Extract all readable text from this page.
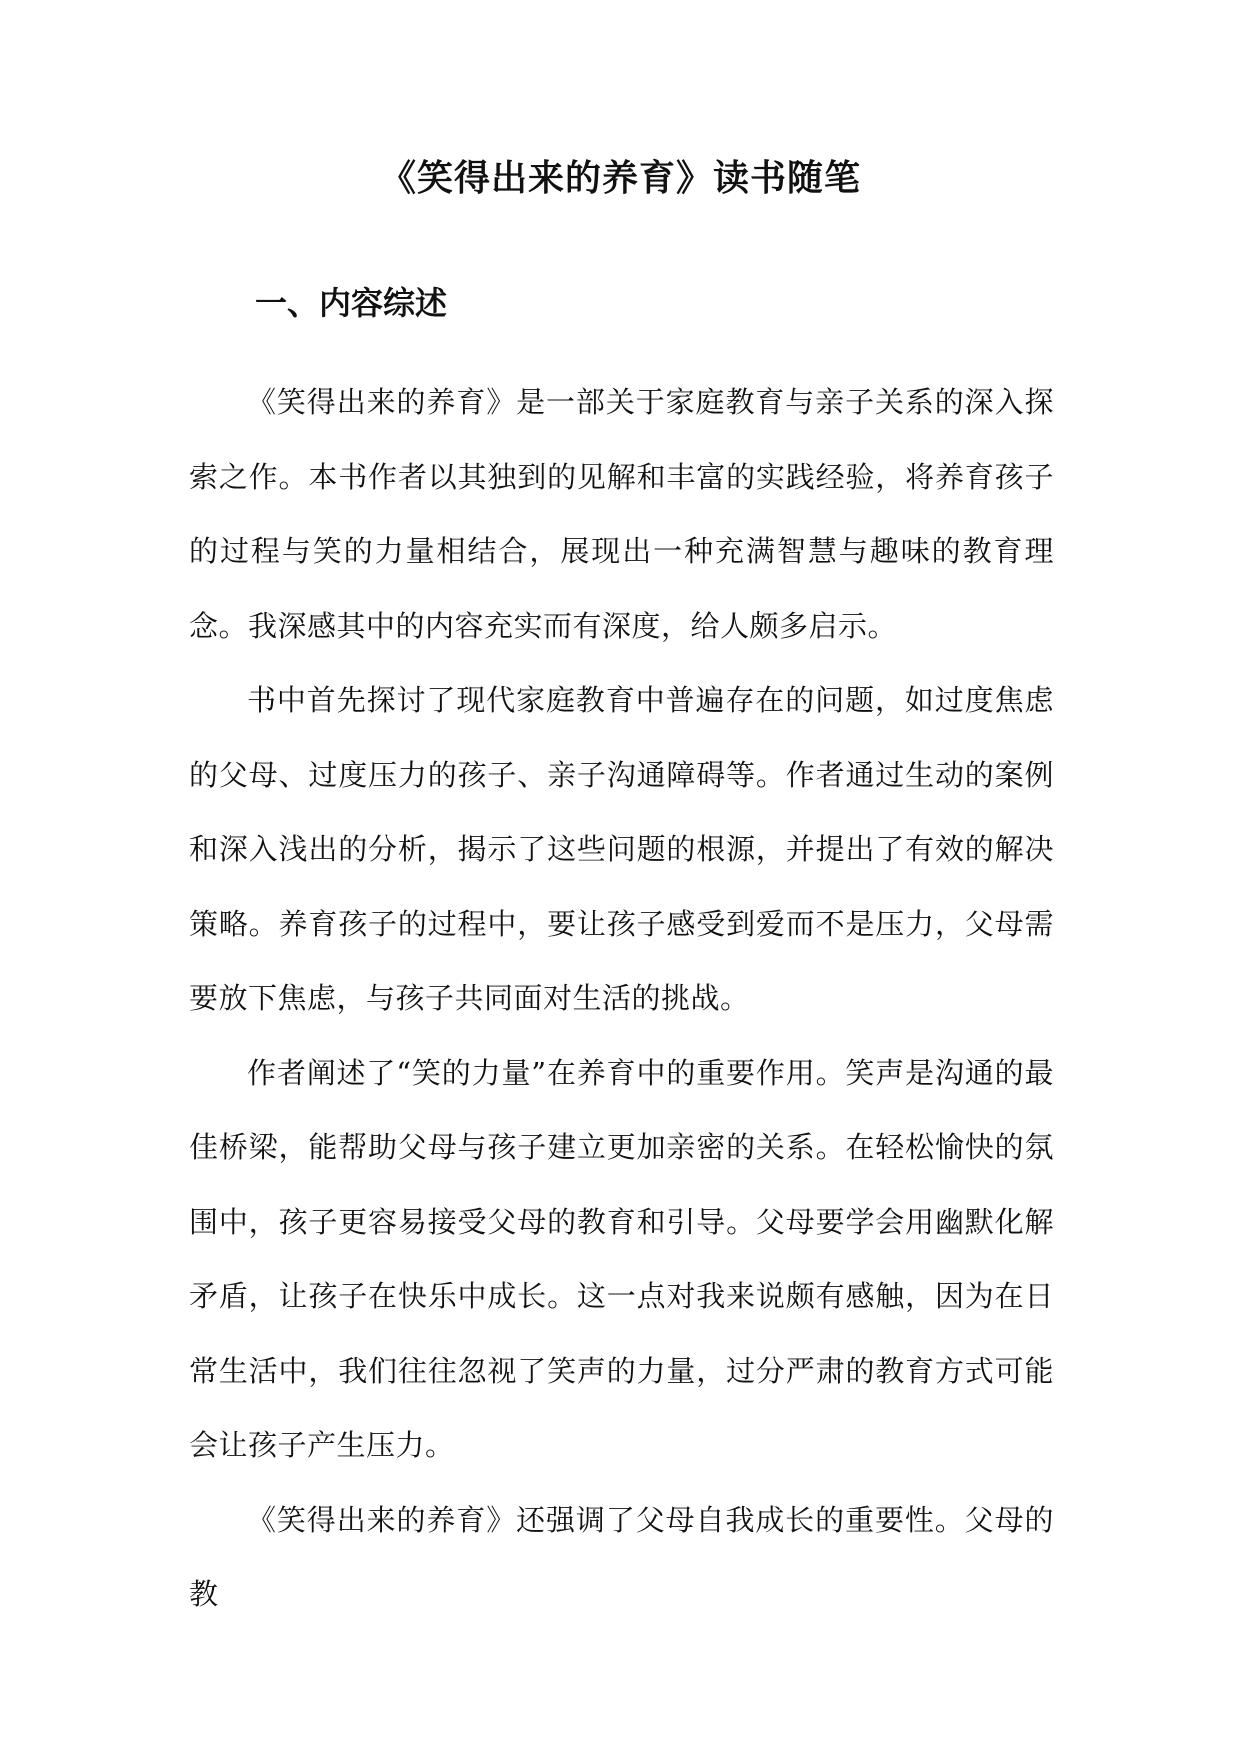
《笑得出来的养育》读书随笔
一、内容综述

《笑得出来的养育》是一部关于家庭教育与亲子关系的深入探索之作。本书作者以其独到的见解和丰富的实践经验，将养育孩子的过程与笑的力量相结合，展现出一种充满智慧与趣味的教育理念。我深感其中的内容充实而有深度，给人颇多启示。

书中首先探讨了现代家庭教育中普遍存在的问题，如过度焦虑的父母、过度压力的孩子、亲子沟通障碍等。作者通过生动的案例和深入浅出的分析，揭示了这些问题的根源，并提出了有效的解决策略。养育孩子的过程中，要让孩子感受到爱而不是压力，父母需要放下焦虑，与孩子共同面对生活的挑战。

作者阐述了“笑的力量”在养育中的重要作用。笑声是沟通的最佳桥梁，能帮助父母与孩子建立更加亲密的关系。在轻松愉快的氛围中，孩子更容易接受父母的教育和引导。父母要学会用幽默化解矛盾，让孩子在快乐中成长。这一点对我来说颇有感触，因为在日常生活中，我们往往忽视了笑声的力量，过分严肃的教育方式可能会让孩子产生压力。

《笑得出来的养育》还强调了父母自我成长的重要性。父母的教
